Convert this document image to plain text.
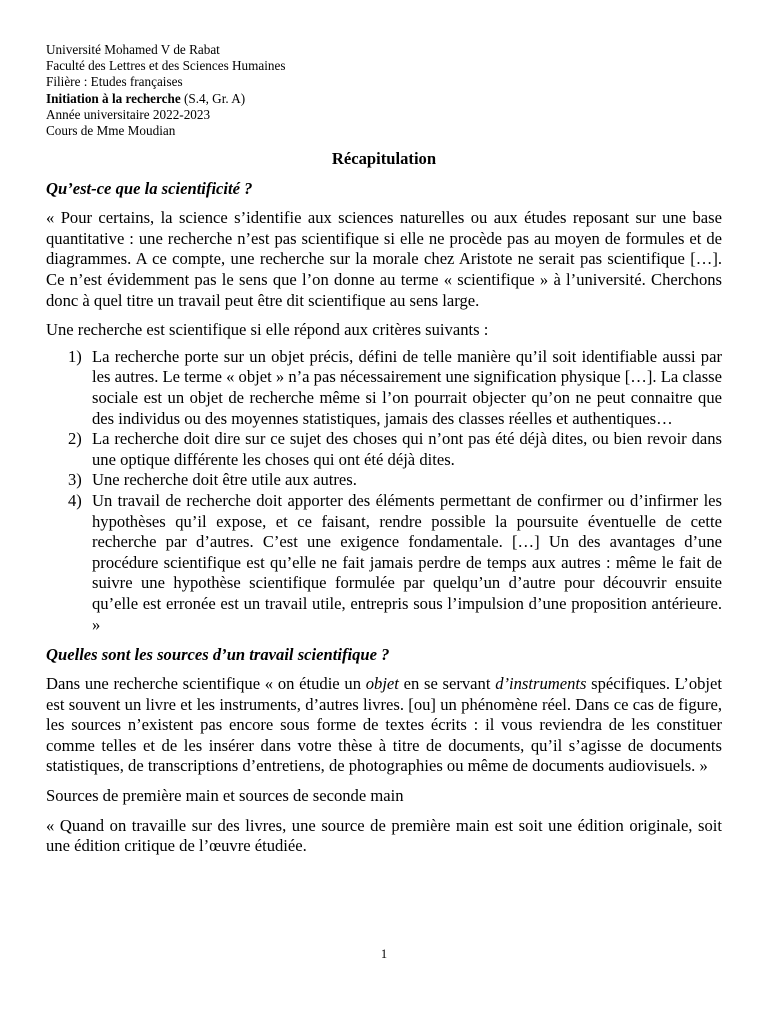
Université Mohamed V de Rabat

Faculté des Lettres et des Sciences Humaines

Filière : Etudes françaises

Initiation à la recherche (S.4, Gr. A)

Année universitaire 2022-2023

Cours de Mme Moudian

Récapitulation
Qu’est-ce que la scientificité ?

« Pour certains, la science s’identifie aux sciences naturelles ou aux études reposant sur une base quantitative : une recherche n’est pas scientifique si elle ne procède pas au moyen de formules et de diagrammes. A ce compte, une recherche sur la morale chez Aristote ne serait pas scientifique […]. Ce n’est évidemment pas le sens que l’on donne au terme « scientifique » à l’université. Cherchons donc à quel titre un travail peut être dit scientifique au sens large.

Une recherche est scientifique si elle répond aux critères suivants :

1) La recherche porte sur un objet précis, défini de telle manière qu’il soit identifiable aussi par les autres. Le terme « objet » n’a pas nécessairement une signification physique […]. La classe sociale est un objet de recherche même si l’on pourrait objecter qu’on ne peut connaitre que des individus ou des moyennes statistiques, jamais des classes réelles et authentiques…
2) La recherche doit dire sur ce sujet des choses qui n’ont pas été déjà dites, ou bien revoir dans une optique différente les choses qui ont été déjà dites.
3) Une recherche doit être utile aux autres.
4) Un travail de recherche doit apporter des éléments permettant de confirmer ou d’infirmer les hypothèses qu’il expose, et ce faisant, rendre possible la poursuite éventuelle de cette recherche par d’autres. C’est une exigence fondamentale. […] Un des avantages d’une procédure scientifique est qu’elle ne fait jamais perdre de temps aux autres : même le fait de suivre une hypothèse scientifique formulée par quelqu’un d’autre pour découvrir ensuite qu’elle est erronée est un travail utile, entrepris sous l’impulsion d’une proposition antérieure. »
Quelles sont les sources d’un travail scientifique ?

Dans une recherche scientifique « on étudie un objet en se servant d’instruments spécifiques. L’objet est souvent un livre et les instruments, d’autres livres. [ou] un phénomène réel. Dans ce cas de figure, les sources n’existent pas encore sous forme de textes écrits : il vous reviendra de les constituer comme telles et de les insérer dans votre thèse à titre de documents, qu’il s’agisse de documents statistiques, de transcriptions d’entretiens, de photographies ou même de documents audiovisuels. »

Sources de première main et sources de seconde main

« Quand on travaille sur des livres, une source de première main est soit une édition originale, soit une édition critique de l’œuvre étudiée.

1
